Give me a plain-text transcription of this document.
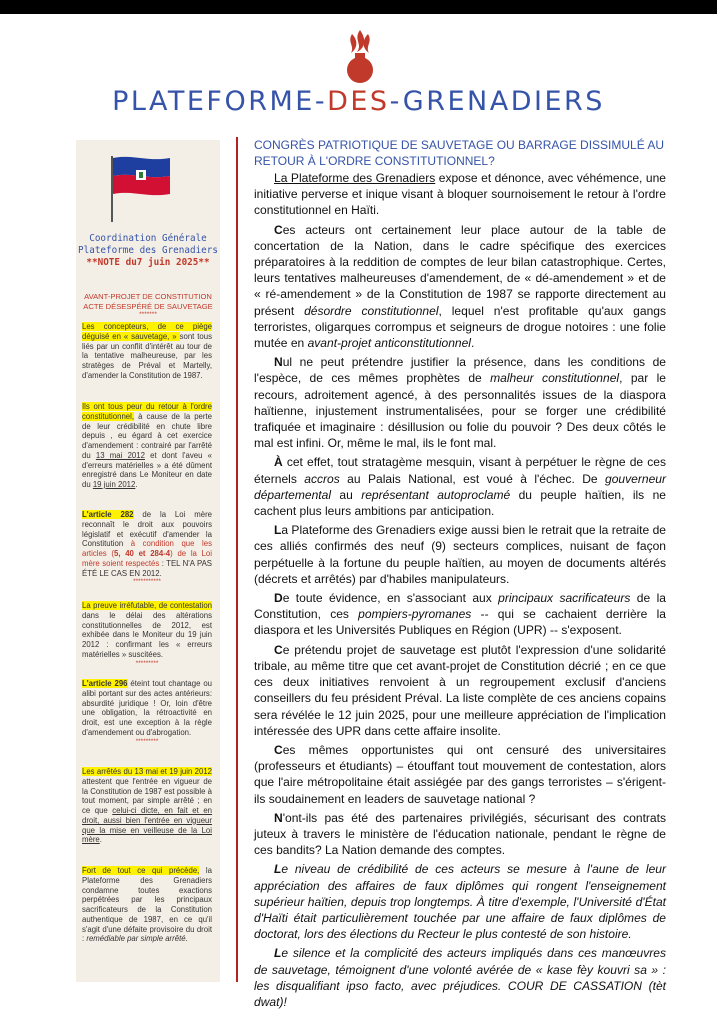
PLATEFORME-DES-GRENADIERS
Coordination Générale
Plateforme des Grenadiers
**NOTE du7 juin 2025**
AVANT-PROJET DE CONSTITUTION
ACTE DÉSESPÉRÉ DE SAUVETAGE
*******
Les concepteurs, de ce piège déguisé en « sauvetage, » sont tous liés par un conflit d'intérêt au tour de la tentative malheureuse, par les stratèges de Préval et Martelly, d'amender la Constitution de 1987.
Ils ont tous peur du retour à l'ordre constitutionnel, à cause de la perte de leur crédibilité en chute libre depuis , eu égard à cet exercice d'amendement : contrairé par l'arrêté du 13 mai 2012 et dont l'aveu « d'erreurs matérielles » a été dûment enregistré dans Le Moniteur en date du 19 juin 2012.
L'article 282 de la Loi mère reconnaît le droit aux pouvoirs législatif et exécutif d'amender la Constitution à condition que les articles (5, 40 et 284-4) de la Loi mère soient respectés : TEL N'A PAS ÉTÉ LE CAS EN 2012.
***********
La preuve irréfutable, de contestation dans le délai des altérations constitutionnelles de 2012, est exhibée dans le Moniteur du 19 juin 2012 : confirmant les « erreurs matérielles » suscitées.
*********
L'article 296 éteint tout chantage ou alibi portant sur des actes antérieurs: absurdité juridique ! Or, loin d'être une obligation, la rétroactivité en droit, est une exception à la règle d'amendement ou d'abrogation.
*********
Les arrêtés du 13 mai et 19 juin 2012 attestent que l'entrée en vigueur de la Constitution de 1987 est possible à tout moment, par simple arrêté ; en ce que celui-ci dicte, en fait et en droit, aussi bien l'entrée en vigueur que la mise en veilleuse de la Loi mère.
Fort de tout ce qui précède, la Plateforme des Grenadiers condamne toutes exactions perpétrées par les principaux sacrificateurs de la Constitution authentique de 1987, en ce qu'il s'agit d'une défaite provisoire du droit : remédiable par simple arrêté.
CONGRÈS PATRIOTIQUE DE SAUVETAGE OU BARRAGE DISSIMULÉ AU RETOUR À L'ORDRE CONSTITUTIONNEL?

La Plateforme des Grenadiers expose et dénonce, avec véhémence, une initiative perverse et inique visant à bloquer sournoisement le retour à l'ordre constitutionnel en Haïti.

Ces acteurs ont certainement leur place autour de la table de concertation de la Nation, dans le cadre spécifique des exercices préparatoires à la reddition de comptes de leur bilan catastrophique. Certes, leurs tentatives malheureuses d'amendement, de « dé-amendement » et de « ré-amendement » de la Constitution de 1987 se rapporte directement au présent désordre constitutionnel, lequel n'est profitable qu'aux gangs terroristes, oligarques corrompus et seigneurs de drogue notoires : une folie mutée en avant-projet anticonstitutionnel.

Nul ne peut prétendre justifier la présence, dans les conditions de l'espèce, de ces mêmes prophètes de malheur constitutionnel, par le recours, adroitement agencé, à des personnalités issues de la diaspora haïtienne, injustement instrumentalisées, pour se forger une crédibilité trafiquée et imaginaire : désillusion ou folie du pouvoir ? Des deux côtés le mal est infini. Or, même le mal, ils le font mal.

À cet effet, tout stratagème mesquin, visant à perpétuer le règne de ces éternels accros au Palais National, est voué à l'échec. De gouverneur départemental au représentant autoproclamé du peuple haïtien, ils ne cachent plus leurs ambitions par anticipation.

La Plateforme des Grenadiers exige aussi bien le retrait que la retraite de ces alliés confirmés des neuf (9) secteurs complices, nuisant de façon perpétuelle à la fortune du peuple haïtien, au moyen de documents altérés (décrets et arrêtés) par d'habiles manipulateurs.

De toute évidence, en s'associant aux principaux sacrificateurs de la Constitution, ces pompiers-pyromanes -- qui se cachaient derrière la diaspora et les Universités Publiques en Région (UPR) -- s'exposent.

Ce prétendu projet de sauvetage est plutôt l'expression d'une solidarité tribale, au même titre que cet avant-projet de Constitution décrié ; en ce que ces deux initiatives renvoient à un regroupement exclusif d'anciens conseillers du feu président Préval. La liste complète de ces anciens copains sera révélée le 12 juin 2025, pour une meilleure appréciation de l'implication intéressée des UPR dans cette affaire insolite.

Ces mêmes opportunistes qui ont censuré des universitaires (professeurs et étudiants) – étouffant tout mouvement de contestation, alors que l'aire métropolitaine était assiégée par des gangs terroristes – s'érigent-ils soudainement en leaders de sauvetage national ?

N'ont-ils pas été des partenaires privilégiés, sécurisant des contrats juteux à travers le ministère de l'éducation nationale, pendant le règne de ces bandits? La Nation demande des comptes.

Le niveau de crédibilité de ces acteurs se mesure à l'aune de leur appréciation des affaires de faux diplômes qui rongent l'enseignement supérieur haïtien, depuis trop longtemps. À titre d'exemple, l'Université d'État d'Haïti était particulièrement touchée par une affaire de faux diplômes de doctorat, lors des élections du Recteur le plus contesté de son histoire.

Le silence et la complicité des acteurs impliqués dans ces manœuvres de sauvetage, témoignent d'une volonté avérée de « kase fèy kouvri sa » : les disqualifiant ipso facto, avec préjudices. COUR DE CASSATION (tèt dwat)!
